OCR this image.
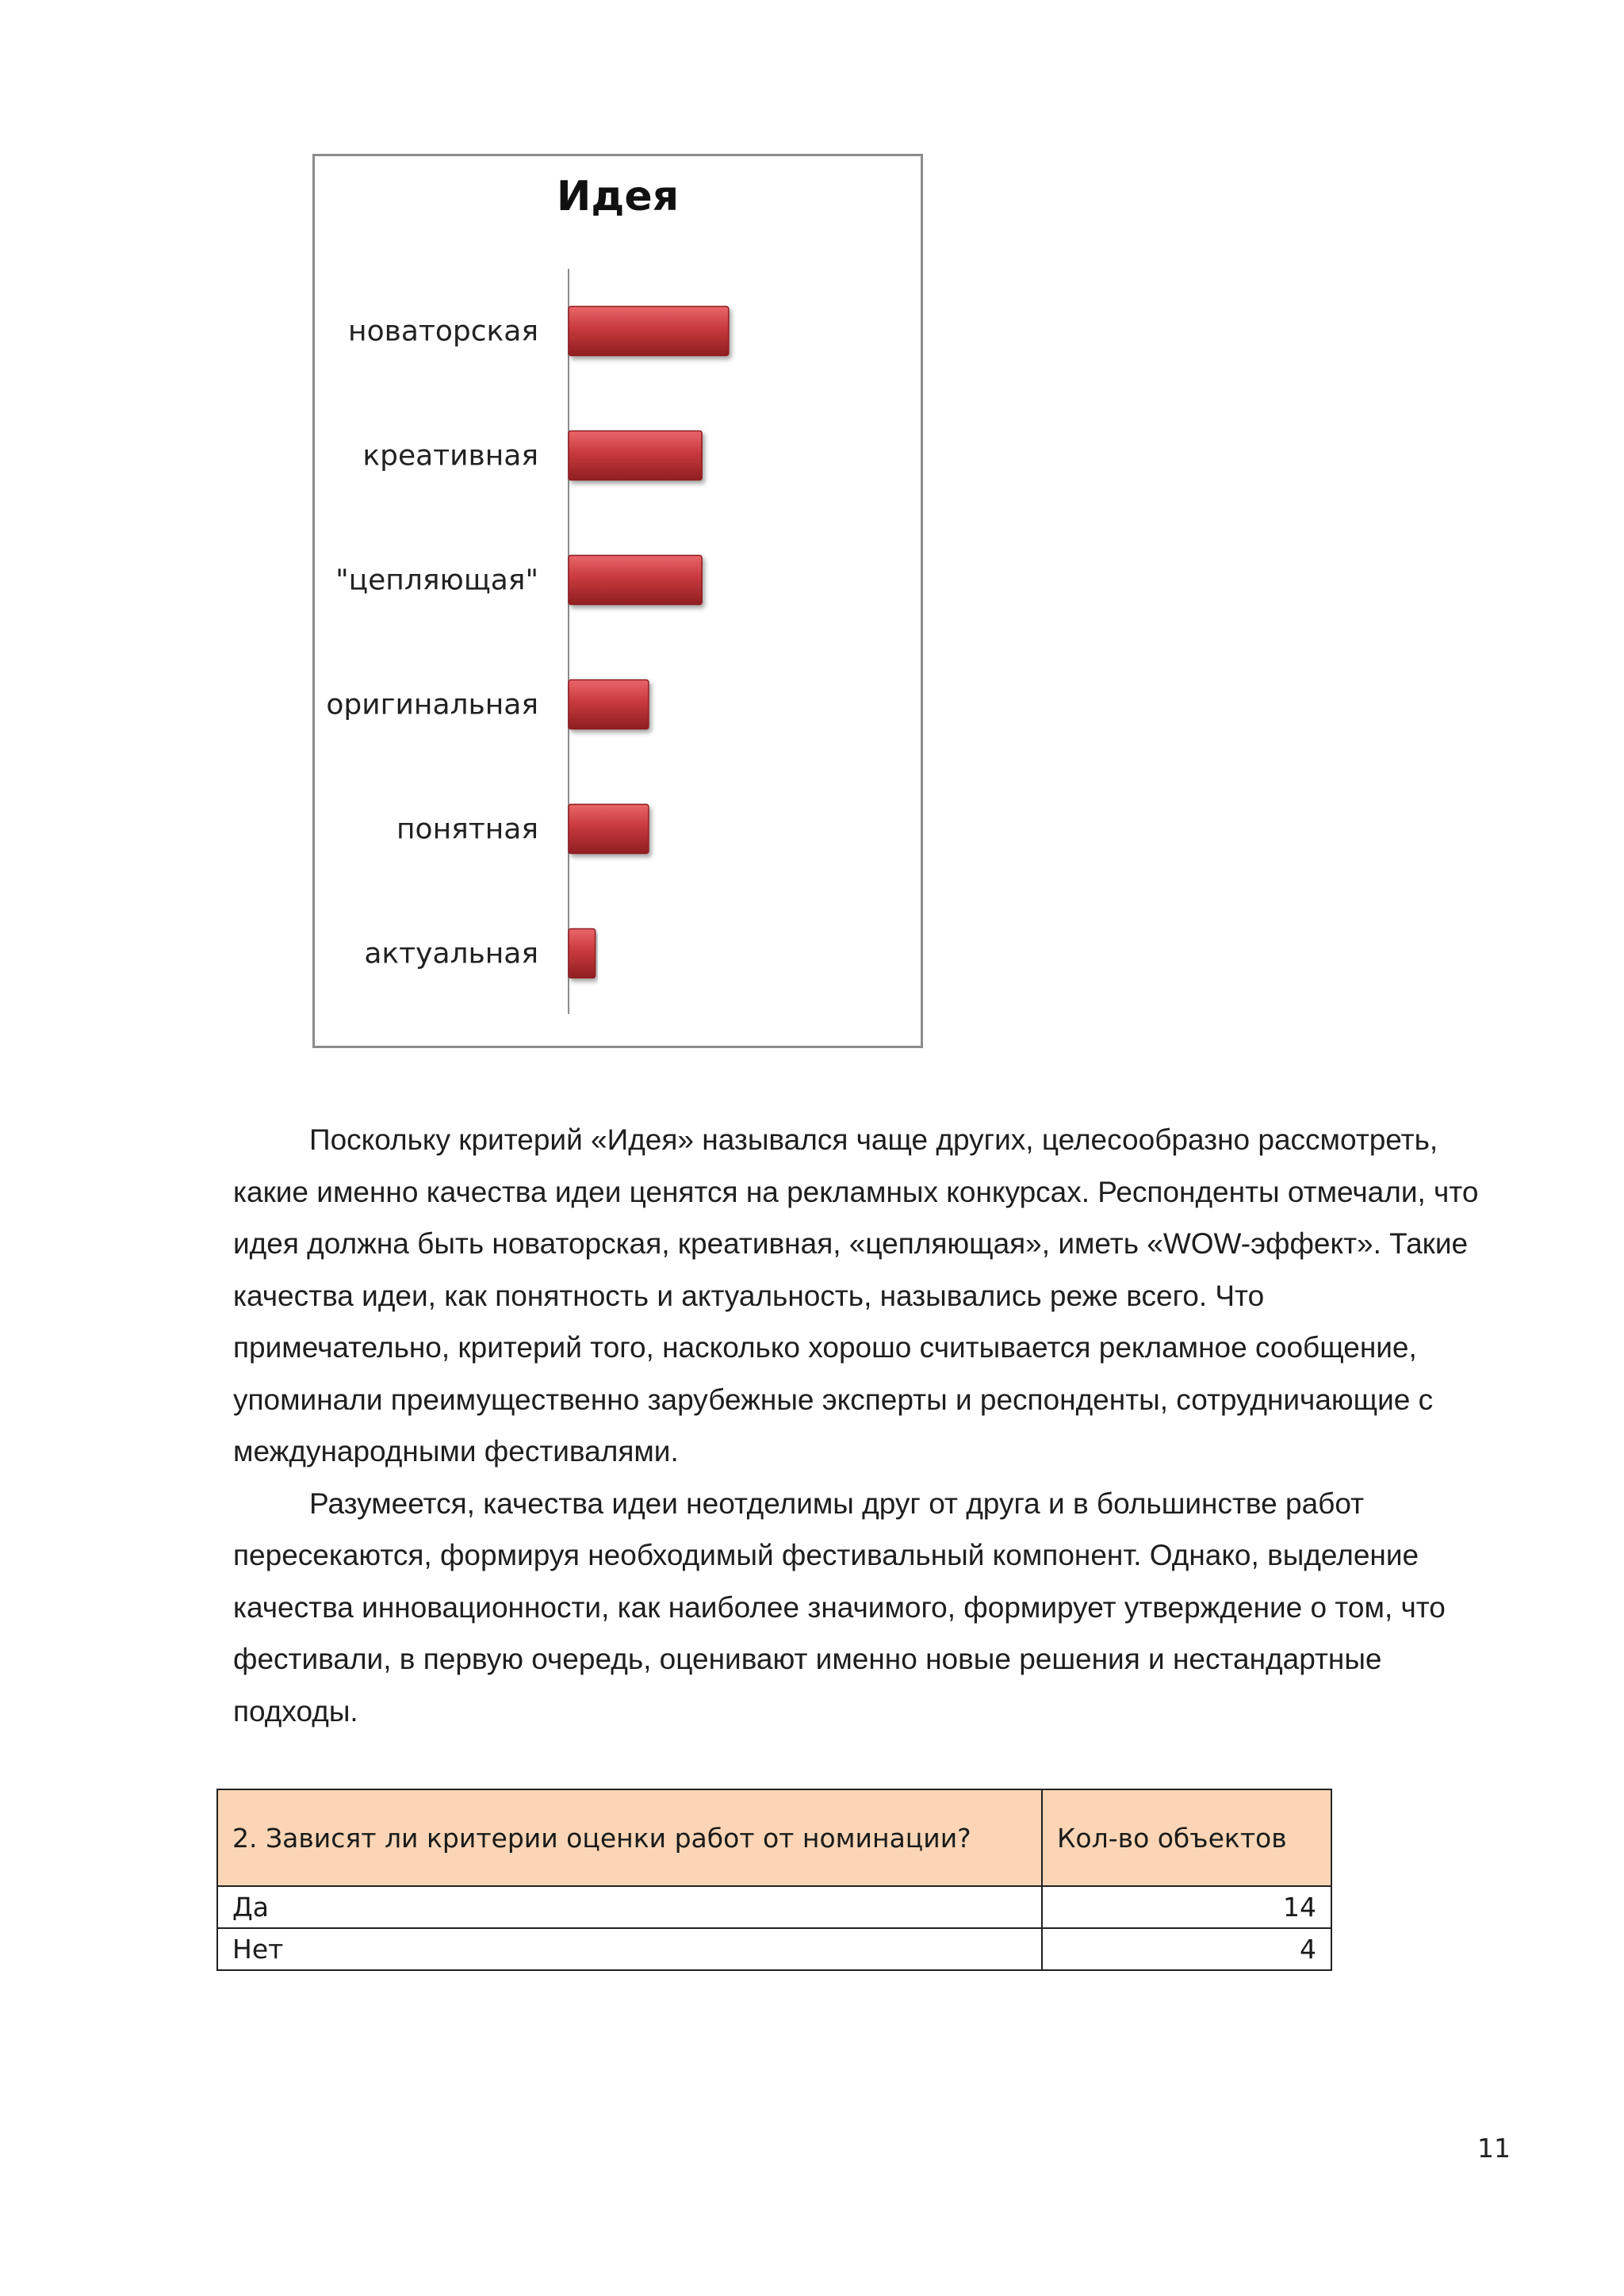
Идея
новаторская
креативная
"цепляющая"
оригинальная
понятная
актуальная

Поскольку критерий «Идея» назывался чаще других, целесообразно рассмотреть, какие именно качества идеи ценятся на рекламных конкурсах. Респонденты отмечали, что идея должна быть новаторская, креативная, «цепляющая», иметь «WOW-эффект». Такие качества идеи, как понятность и актуальность, назывались реже всего. Что примечательно, критерий того, насколько хорошо считывается рекламное сообщение, упоминали преимущественно зарубежные эксперты и респонденты, сотрудничающие с международными фестивалями.

Разумеется, качества идеи неотделимы друг от друга и в большинстве работ пересекаются, формируя необходимый фестивальный компонент. Однако, выделение качества инновационности, как наиболее значимого, формирует утверждение о том, что фестивали, в первую очередь, оценивают именно новые решения и нестандартные подходы.

2. Зависят ли критерии оценки работ от номинации?	Кол-во объектов
Да	14
Нет	4
11
